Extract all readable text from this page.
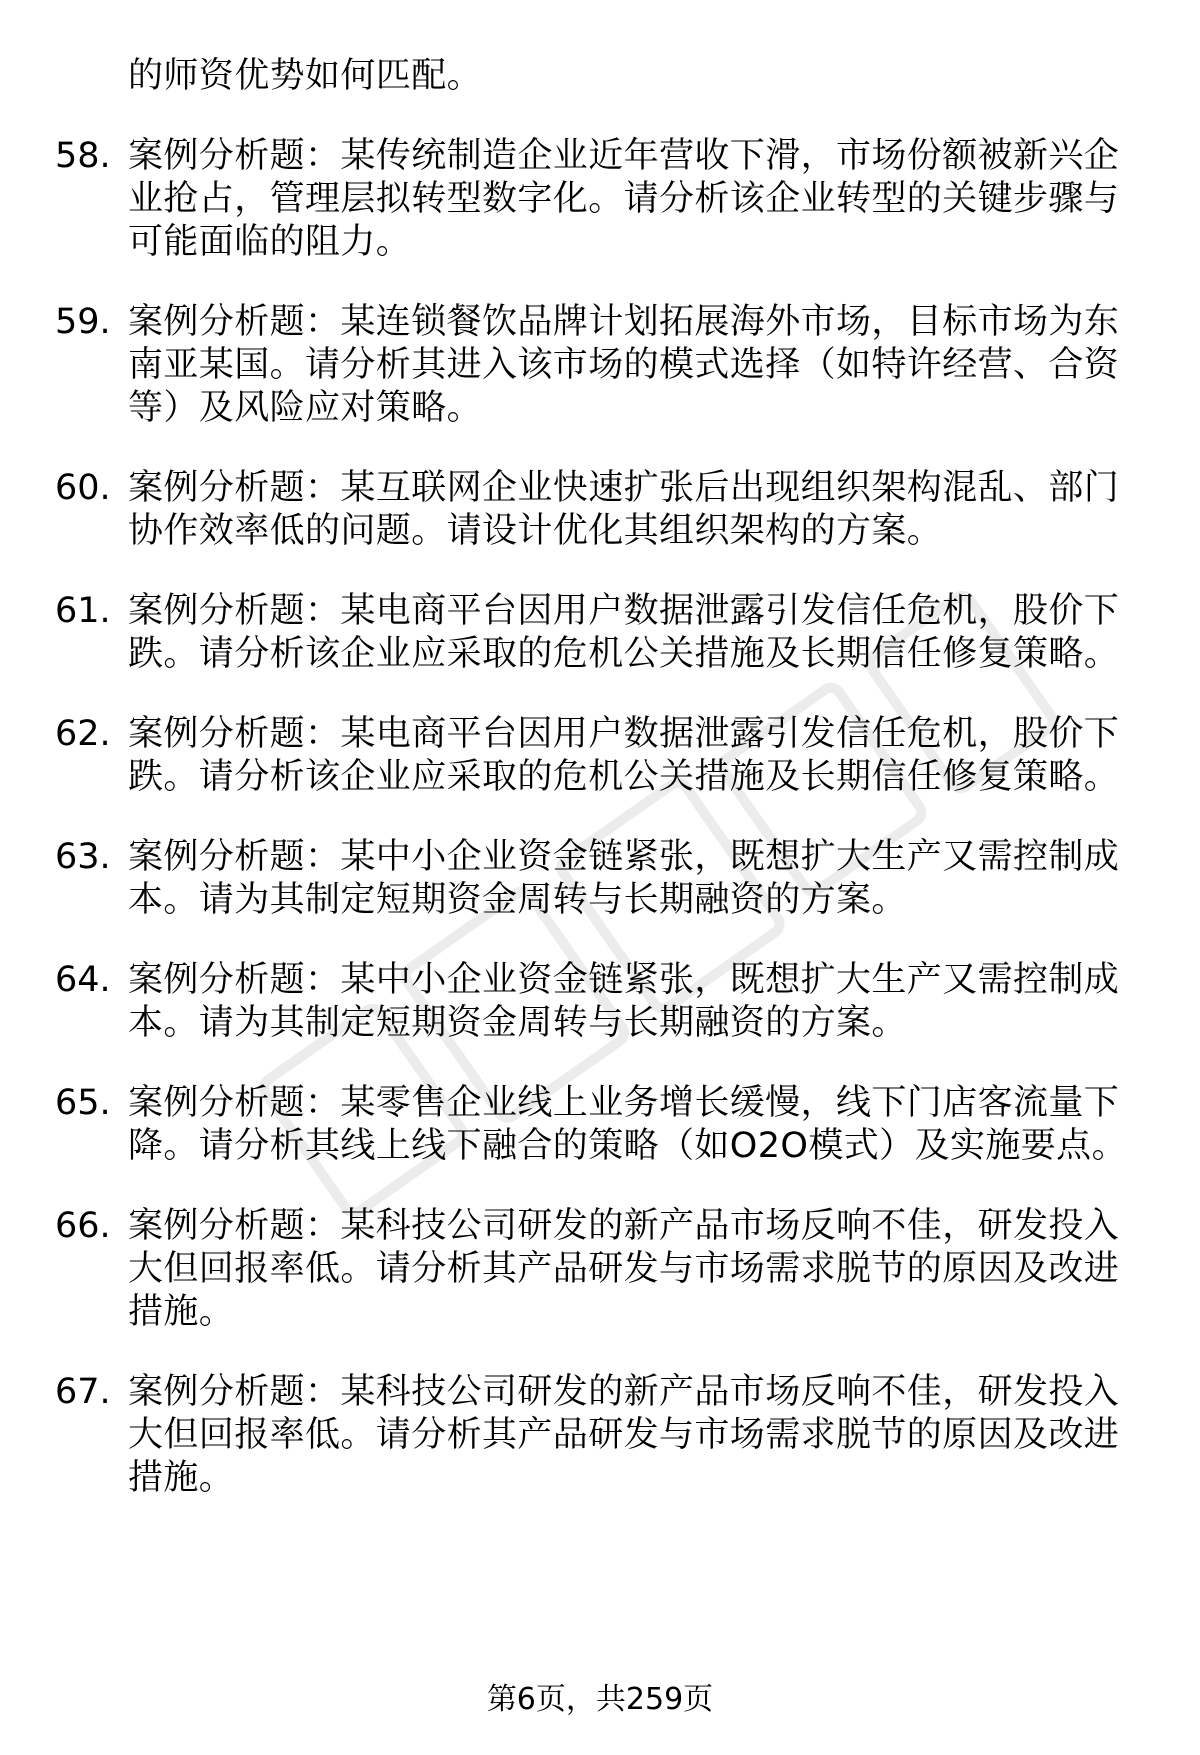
的师资优势如何匹配。
58. 案例分析题：某传统制造企业近年营收下滑，市场份额被新兴企
业抢占，管理层拟转型数字化。请分析该企业转型的关键步骤与
可能面临的阻力。
59. 案例分析题：某连锁餐饮品牌计划拓展海外市场，目标市场为东
南亚某国。请分析其进入该市场的模式选择（如特许经营、合资
等）及风险应对策略。
60. 案例分析题：某互联网企业快速扩张后出现组织架构混乱、部门
协作效率低的问题。请设计优化其组织架构的方案。
61. 案例分析题：某电商平台因用户数据泄露引发信任危机，股价下
跌。请分析该企业应采取的危机公关措施及长期信任修复策略。
62. 案例分析题：某电商平台因用户数据泄露引发信任危机，股价下
跌。请分析该企业应采取的危机公关措施及长期信任修复策略。
63. 案例分析题：某中小企业资金链紧张，既想扩大生产又需控制成
本。请为其制定短期资金周转与长期融资的方案。
64. 案例分析题：某中小企业资金链紧张，既想扩大生产又需控制成
本。请为其制定短期资金周转与长期融资的方案。
65. 案例分析题：某零售企业线上业务增长缓慢，线下门店客流量下
降。请分析其线上线下融合的策略（如O2O模式）及实施要点。
66. 案例分析题：某科技公司研发的新产品市场反响不佳，研发投入
大但回报率低。请分析其产品研发与市场需求脱节的原因及改进
措施。
67. 案例分析题：某科技公司研发的新产品市场反响不佳，研发投入
大但回报率低。请分析其产品研发与市场需求脱节的原因及改进
措施。
第6页，共259页
